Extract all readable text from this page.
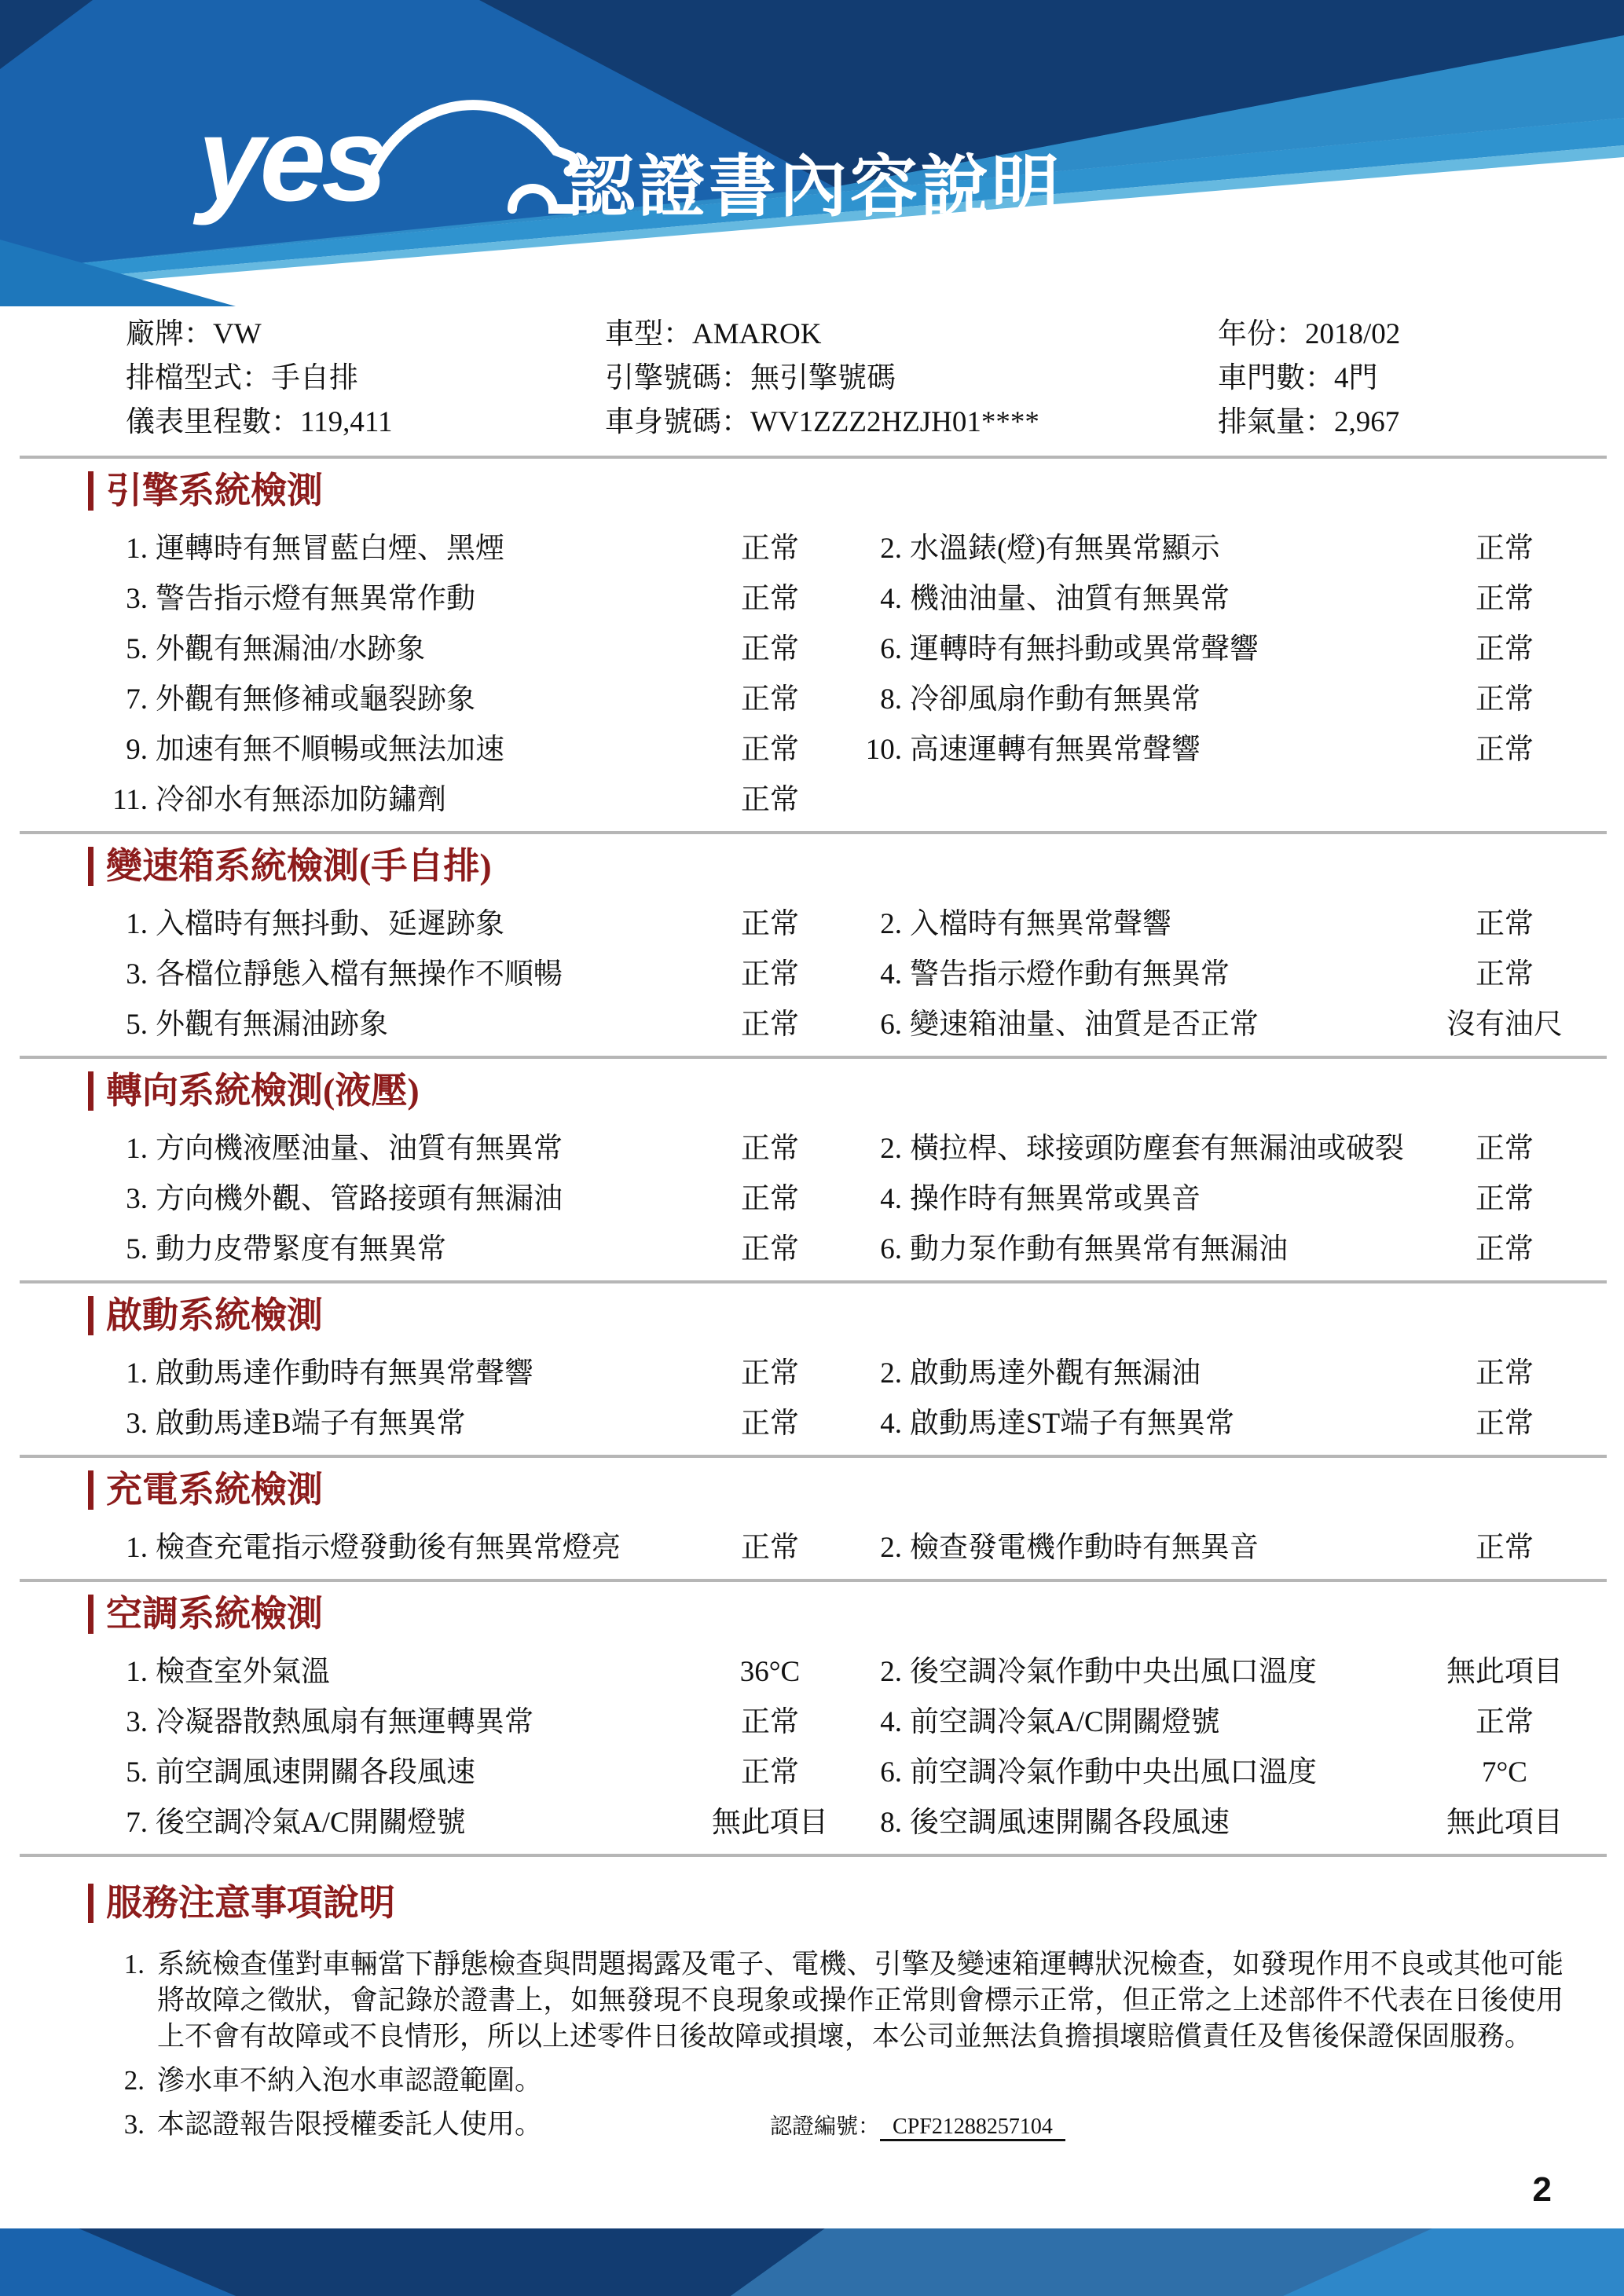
yes	認證書內容說明
廠牌：VW	車型：AMAROK	年份：2018/02
排檔型式：手自排	引擎號碼：無引擎號碼	車門數：4門
儀表里程數：119,411	車身號碼：WV1ZZZ2HZJH01****	排氣量：2,967
引擎系統檢測
1. 運轉時有無冒藍白煙、黑煙	正常	2. 水溫錶(燈)有無異常顯示	正常
3. 警告指示燈有無異常作動	正常	4. 機油油量、油質有無異常	正常
5. 外觀有無漏油/水跡象	正常	6. 運轉時有無抖動或異常聲響	正常
7. 外觀有無修補或龜裂跡象	正常	8. 冷卻風扇作動有無異常	正常
9. 加速有無不順暢或無法加速	正常	10. 高速運轉有無異常聲響	正常
11. 冷卻水有無添加防鏽劑	正常
變速箱系統檢測(手自排)
1. 入檔時有無抖動、延遲跡象	正常	2. 入檔時有無異常聲響	正常
3. 各檔位靜態入檔有無操作不順暢	正常	4. 警告指示燈作動有無異常	正常
5. 外觀有無漏油跡象	正常	6. 變速箱油量、油質是否正常	沒有油尺
轉向系統檢測(液壓)
1. 方向機液壓油量、油質有無異常	正常	2. 橫拉桿、球接頭防塵套有無漏油或破裂	正常
3. 方向機外觀、管路接頭有無漏油	正常	4. 操作時有無異常或異音	正常
5. 動力皮帶緊度有無異常	正常	6. 動力泵作動有無異常有無漏油	正常
啟動系統檢測
1. 啟動馬達作動時有無異常聲響	正常	2. 啟動馬達外觀有無漏油	正常
3. 啟動馬達B端子有無異常	正常	4. 啟動馬達ST端子有無異常	正常
充電系統檢測
1. 檢查充電指示燈發動後有無異常燈亮	正常	2. 檢查發電機作動時有無異音	正常
空調系統檢測
1. 檢查室外氣溫	36°C	2. 後空調冷氣作動中央出風口溫度	無此項目
3. 冷凝器散熱風扇有無運轉異常	正常	4. 前空調冷氣A/C開關燈號	正常
5. 前空調風速開關各段風速	正常	6. 前空調冷氣作動中央出風口溫度	7°C
7. 後空調冷氣A/C開關燈號	無此項目	8. 後空調風速開關各段風速	無此項目
服務注意事項說明
1. 系統檢查僅對車輛當下靜態檢查與問題揭露及電子、電機、引擎及變速箱運轉狀況檢查，如發現作用不良或其他可能將故障之徵狀，會記錄於證書上，如無發現不良現象或操作正常則會標示正常，但正常之上述部件不代表在日後使用上不會有故障或不良情形，所以上述零件日後故障或損壞，本公司並無法負擔損壞賠償責任及售後保證保固服務。
2. 滲水車不納入泡水車認證範圍。
3. 本認證報告限授權委託人使用。	認證編號： CPF21288257104
2
